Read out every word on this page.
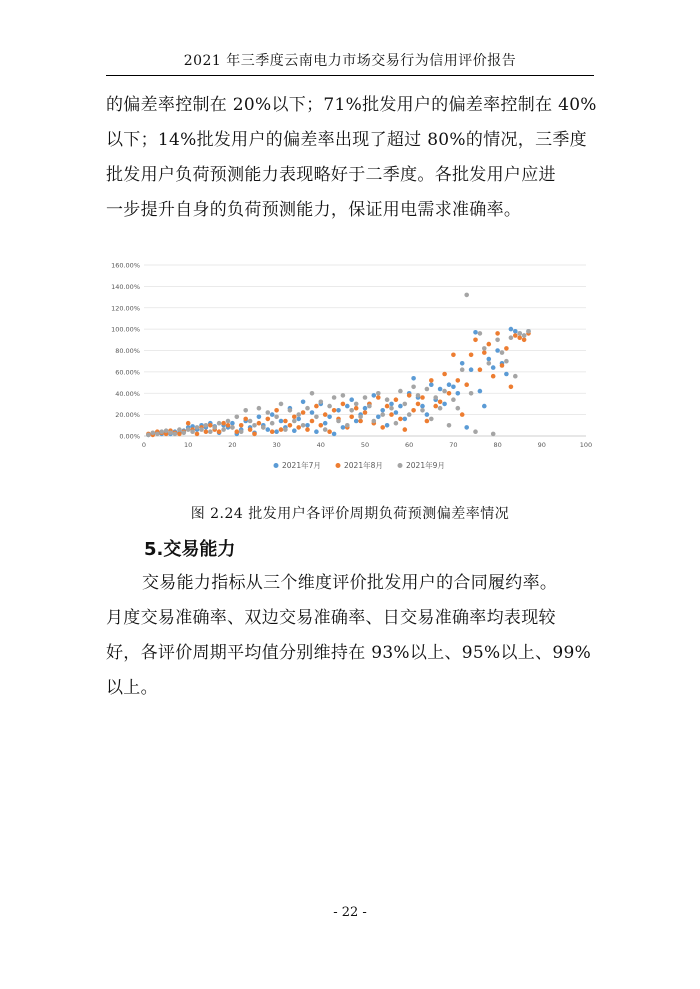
2021 年三季度云南电力市场交易行为信用评价报告
的偏差率控制在 20%以下；71%批发用户的偏差率控制在 40%
以下；14%批发用户的偏差率出现了超过 80%的情况，三季度
批发用户负荷预测能力表现略好于二季度。各批发用户应进
一步提升自身的负荷预测能力，保证用电需求准确率。
0.00%
20.00%
40.00%
60.00%
80.00%
100.00%
120.00%
140.00%
160.00%
0	10	20	30	40	50	60	70	80	90	100
2021年7月	2021年8月	2021年9月
图 2.24 批发用户各评价周期负荷预测偏差率情况
5.交易能力
交易能力指标从三个维度评价批发用户的合同履约率。
月度交易准确率、双边交易准确率、日交易准确率均表现较
好，各评价周期平均值分别维持在 93%以上、95%以上、99%
以上。
- 22 -
